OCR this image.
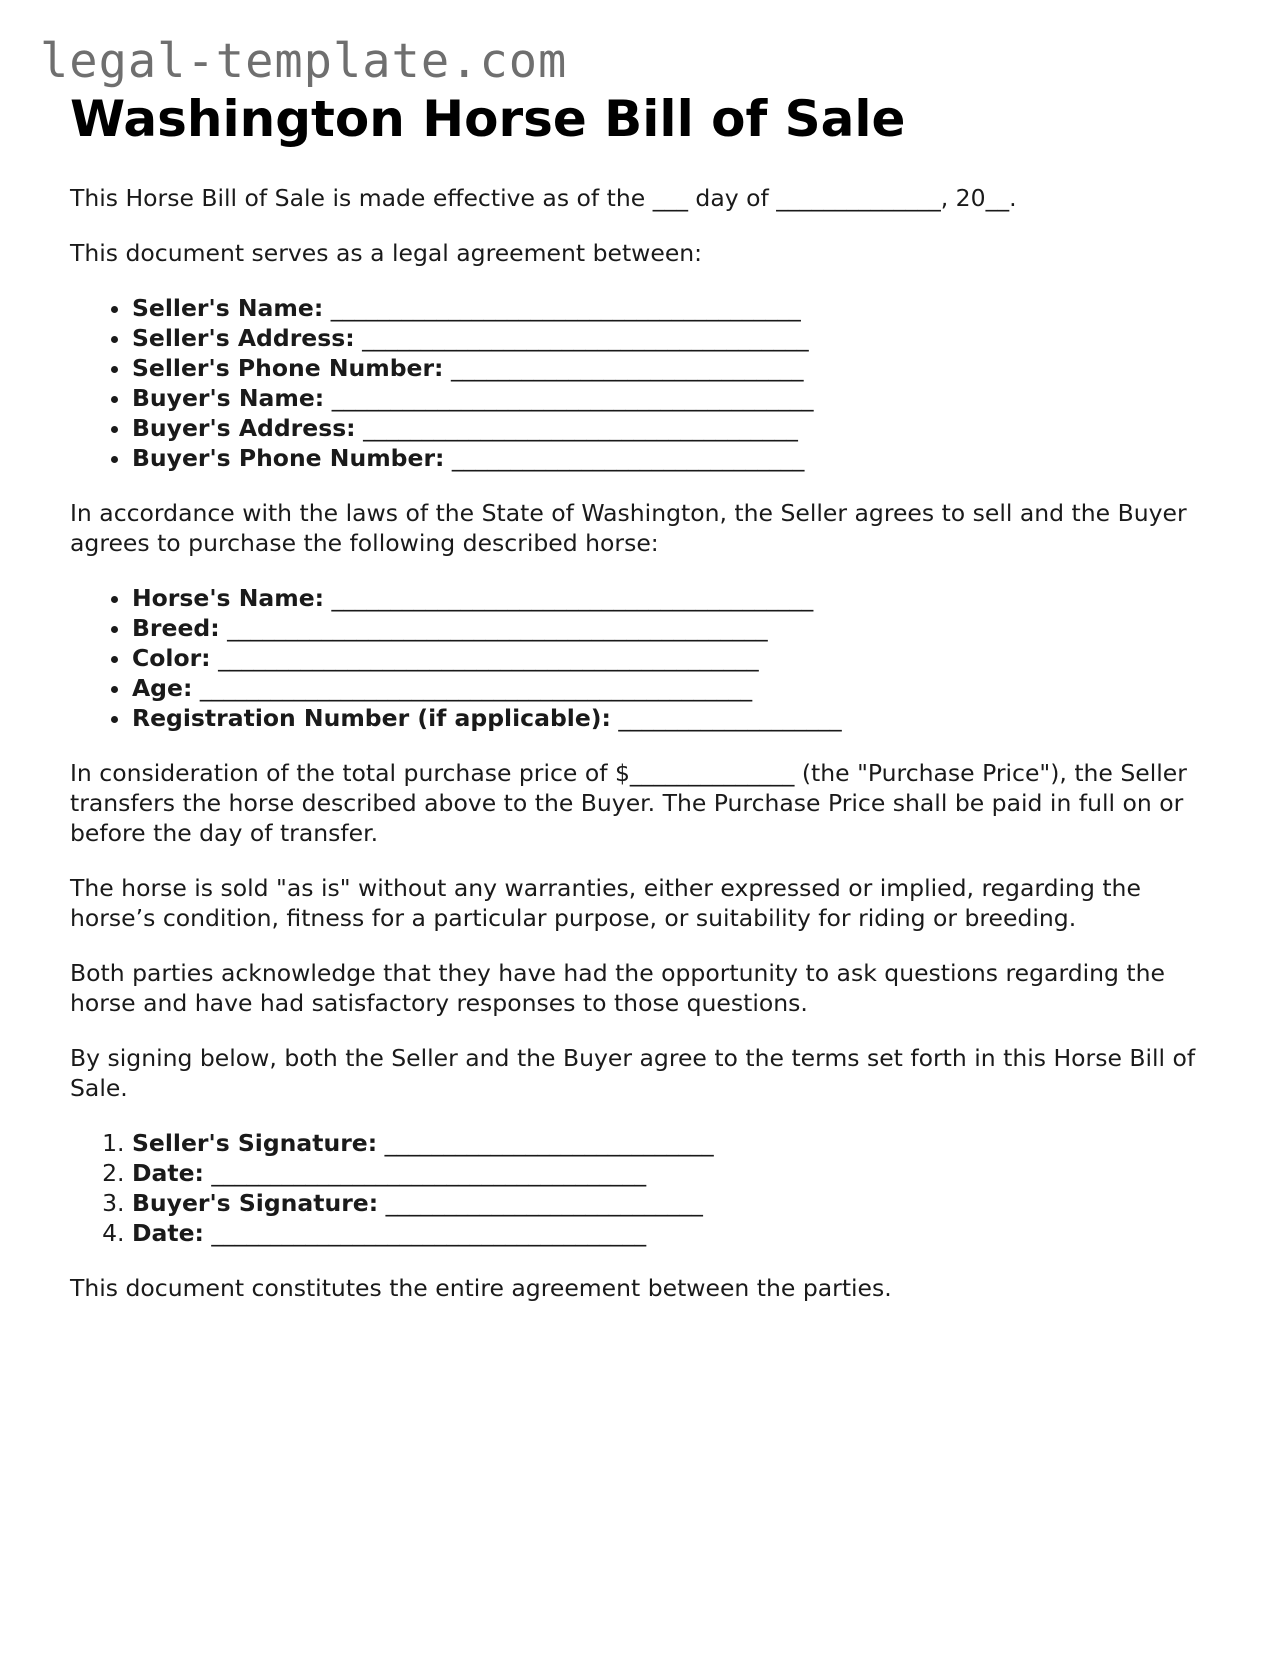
legal-template.com
Washington Horse Bill of Sale

This Horse Bill of Sale is made effective as of the ___ day of ______________, 20__.

This document serves as a legal agreement between:

• Seller's Name: ________________________________________
• Seller's Address: ______________________________________
• Seller's Phone Number: ______________________________
• Buyer's Name: _________________________________________
• Buyer's Address: _____________________________________
• Buyer's Phone Number: ______________________________

In accordance with the laws of the State of Washington, the Seller agrees to sell and the Buyer agrees to purchase the following described horse:

• Horse's Name: _________________________________________
• Breed: ______________________________________________
• Color: ______________________________________________
• Age: _______________________________________________
• Registration Number (if applicable): ___________________

In consideration of the total purchase price of $______________ (the "Purchase Price"), the Seller transfers the horse described above to the Buyer. The Purchase Price shall be paid in full on or before the day of transfer.

The horse is sold "as is" without any warranties, either expressed or implied, regarding the horse’s condition, fitness for a particular purpose, or suitability for riding or breeding.

Both parties acknowledge that they have had the opportunity to ask questions regarding the horse and have had satisfactory responses to those questions.

By signing below, both the Seller and the Buyer agree to the terms set forth in this Horse Bill of Sale.

1. Seller's Signature: ____________________________
2. Date: _____________________________________
3. Buyer's Signature: ___________________________
4. Date: _____________________________________

This document constitutes the entire agreement between the parties.
